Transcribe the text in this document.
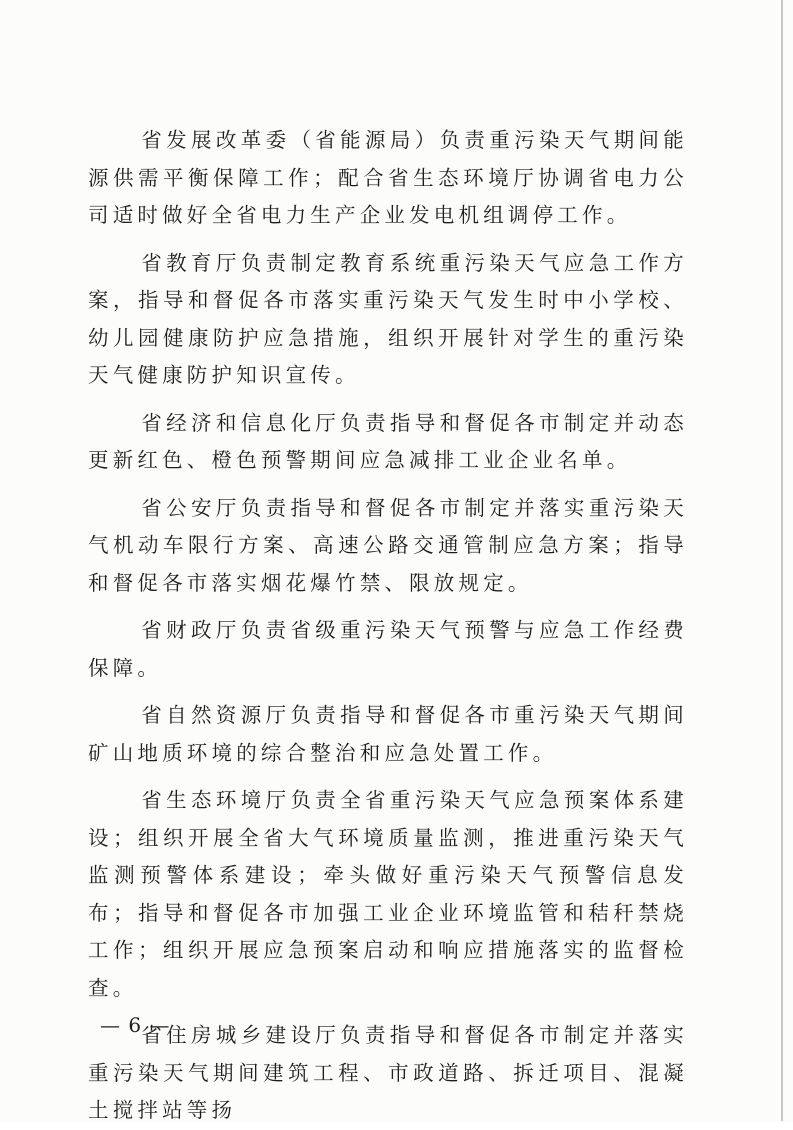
省发展改革委（省能源局）负责重污染天气期间能源供需平衡保障工作；配合省生态环境厅协调省电力公司适时做好全省电力生产企业发电机组调停工作。

省教育厅负责制定教育系统重污染天气应急工作方案，指导和督促各市落实重污染天气发生时中小学校、幼儿园健康防护应急措施，组织开展针对学生的重污染天气健康防护知识宣传。

省经济和信息化厅负责指导和督促各市制定并动态更新红色、橙色预警期间应急减排工业企业名单。

省公安厅负责指导和督促各市制定并落实重污染天气机动车限行方案、高速公路交通管制应急方案；指导和督促各市落实烟花爆竹禁、限放规定。

省财政厅负责省级重污染天气预警与应急工作经费保障。

省自然资源厅负责指导和督促各市重污染天气期间矿山地质环境的综合整治和应急处置工作。

省生态环境厅负责全省重污染天气应急预案体系建设；组织开展全省大气环境质量监测，推进重污染天气监测预警体系建设；牵头做好重污染天气预警信息发布；指导和督促各市加强工业企业环境监管和秸秆禁烧工作；组织开展应急预案启动和响应措施落实的监督检查。

省住房城乡建设厅负责指导和督促各市制定并落实重污染天气期间建筑工程、市政道路、拆迁项目、混凝土搅拌站等扬

— 6 —
